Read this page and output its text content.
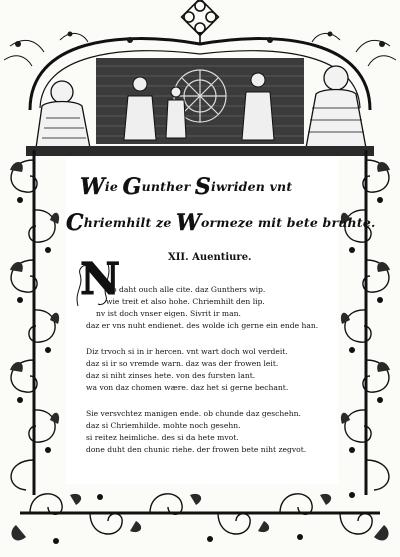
Wie Gunther Siwriden vnt
Chriemhilt ze Wormeze mit bete bruhte.
XII. Auentiure.
N
o daht ouch alle cite. daz Gunthers wip.
wie treit et also hohe. Chriemhilt den lip.
nv ist doch vnser eigen. Sivrit ir man.
daz er vns nuht endienet. des wolde ich gerne ein ende han.
Diz trvoch si in ir hercen. vnt wart doch wol verdeit.
daz si ir so vremde warn. daz was der frowen leit.
daz si niht zinses hete. von des fursten lant.
wa von daz chomen wære. daz het si gerne bechant.
Sie versvchtez manigen ende. ob chunde daz geschehn.
daz si Chriemhilde. mohte noch gesehn.
si reitez heimliche. des si da hete mvot.
done duht den chunic riehe. der frowen bete niht zegvot.
